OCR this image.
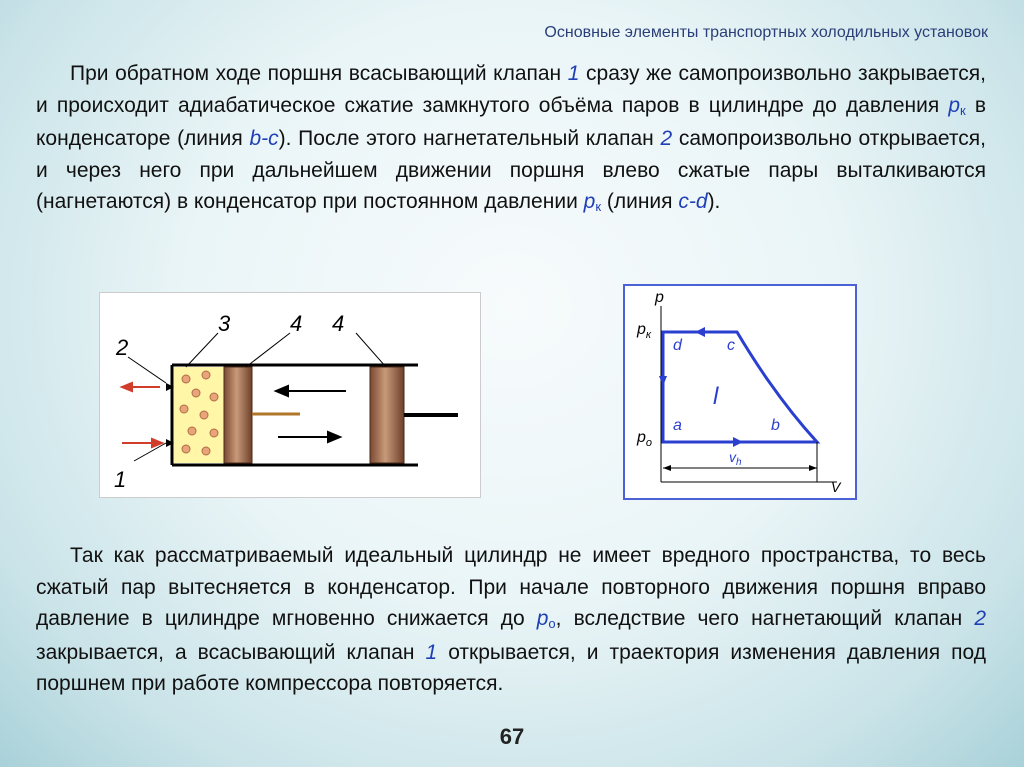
Основные элементы транспортных холодильных установок
При обратном ходе поршня всасывающий клапан 1 сразу же самопроизвольно закрывается, и происходит адиабатическое сжатие замкнутого объёма паров в цилиндре до давления pк в конденсаторе (линия b-c). После этого нагнетательный клапан 2 самопроизвольно открывается, и через него при дальнейшем движении поршня влево сжатые пары выталкиваются (нагнетаются) в конденсатор при постоянном давлении pк (линия c-d).
2
1
3	4 4
p
V
$p_к$
$p_o$
d	c
a	b
l
$v_h$
Так как рассматриваемый идеальный цилиндр не имеет вредного пространства, то весь сжатый пар вытесняется в конденсатор. При начале повторного движения поршня вправо давление в цилиндре мгновенно снижается до pо, вследствие чего нагнетающий клапан 2 закрывается, а всасывающий клапан 1 открывается, и траектория изменения давления под поршнем при работе компрессора повторяется.
67
